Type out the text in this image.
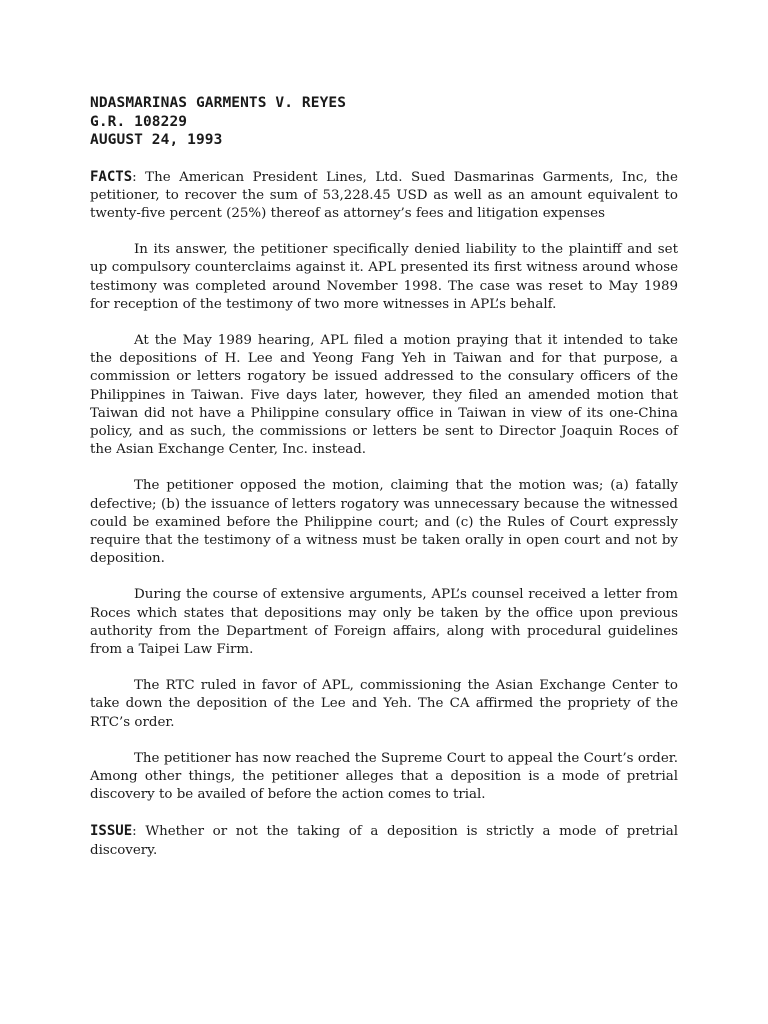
NDASMARINAS GARMENTS V. REYES

G.R. 108229

AUGUST 24, 1993

FACTS: The American President Lines, Ltd. Sued Dasmarinas Garments, Inc, the petitioner, to recover the sum of 53,228.45 USD as well as an amount equivalent to twenty-five percent (25%) thereof as attorney’s fees and litigation expenses

In its answer, the petitioner specifically denied liability to the plaintiff and set up compulsory counterclaims against it. APL presented its first witness around whose testimony was completed around November 1998. The case was reset to May 1989 for reception of the testimony of two more witnesses in APL’s behalf.

At the May 1989 hearing, APL filed a motion praying that it intended to take the depositions of H. Lee and Yeong Fang Yeh in Taiwan and for that purpose, a commission or letters rogatory be issued addressed to the consulary officers of the Philippines in Taiwan. Five days later, however, they filed an amended motion that Taiwan did not have a Philippine consulary office in Taiwan in view of its one-China policy, and as such, the commissions or letters be sent to Director Joaquin Roces of the Asian Exchange Center, Inc. instead.

The petitioner opposed the motion, claiming that the motion was; (a) fatally defective; (b) the issuance of letters rogatory was unnecessary because the witnessed could be examined before the Philippine court; and (c) the Rules of Court expressly require that the testimony of a witness must be taken orally in open court and not by deposition.

During the course of extensive arguments, APL’s counsel received a letter from Roces which states that depositions may only be taken by the office upon previous authority from the Department of Foreign affairs, along with procedural guidelines from a Taipei Law Firm.

The RTC ruled in favor of APL, commissioning the Asian Exchange Center to take down the deposition of the Lee and Yeh. The CA affirmed the propriety of the RTC’s order.

The petitioner has now reached the Supreme Court to appeal the Court’s order. Among other things, the petitioner alleges that a deposition is a mode of pretrial discovery to be availed of before the action comes to trial.

ISSUE: Whether or not the taking of a deposition is strictly a mode of pretrial discovery.
